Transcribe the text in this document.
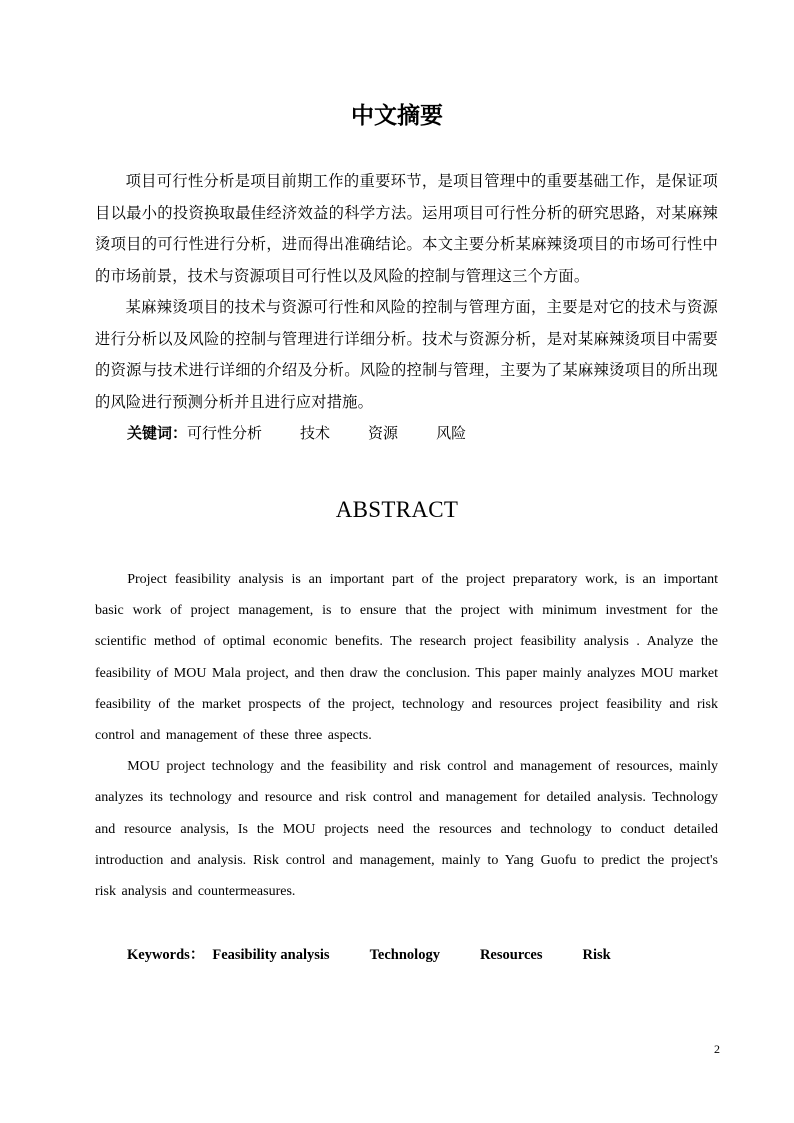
中文摘要

项目可行性分析是项目前期工作的重要环节，是项目管理中的重要基础工作，是保证项目以最小的投资换取最佳经济效益的科学方法。运用项目可行性分析的研究思路，对某麻辣烫项目的可行性进行分析，进而得出准确结论。本文主要分析某麻辣烫项目的市场可行性中的市场前景，技术与资源项目可行性以及风险的控制与管理这三个方面。

某麻辣烫项目的技术与资源可行性和风险的控制与管理方面，主要是对它的技术与资源进行分析以及风险的控制与管理进行详细分析。技术与资源分析，是对某麻辣烫项目中需要的资源与技术进行详细的介绍及分析。风险的控制与管理，主要为了某麻辣烫项目的所出现的风险进行预测分析并且进行应对措施。

关键词：可行性分析	技术	资源	风险
ABSTRACT

Project feasibility analysis is an important part of the project preparatory work, is an important basic work of project management, is to ensure that the project with minimum investment for the scientific method of optimal economic benefits. The research project feasibility analysis . Analyze the feasibility of MOU Mala project, and then draw the conclusion. This paper mainly analyzes MOU market feasibility of the market prospects of the project, technology and resources project feasibility and risk control and management of these three aspects.

MOU project technology and the feasibility and risk control and management of resources, mainly analyzes its technology and resource and risk control and management for detailed analysis. Technology and resource analysis, Is the MOU projects need the resources and technology to conduct detailed introduction and analysis. Risk control and management, mainly to Yang Guofu to predict the project's risk analysis and countermeasures.

Keywords： Feasibility analysis	Technology	Resources	Risk
2
